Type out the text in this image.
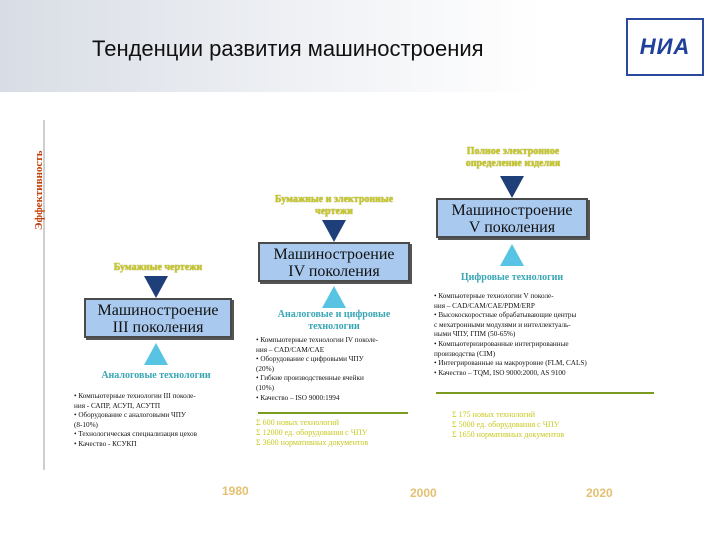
Тенденции развития машиностроения	НИА
Эффективность
Бумажные чертежи
Машиностроение
III поколения
Аналоговые технологии
• Компьютерные технологии III поколе-
ния - САПР, АСУП, АСУТП
• Оборудование с аналоговыми ЧПУ
(8-10%)
• Технологическая специализация цехов
• Качество - КСУКП
Бумажные и электронные
чертежи
Машиностроение
IV поколения
Аналоговые и цифровые
технологии
• Компьютерные технологии IV поколе-
ния – CAD/CAM/CAE
• Оборудование с цифровыми ЧПУ
(20%)
• Гибкие производственные ячейки
(10%)
• Качество – ISO 9000:1994
Σ 600 новых технологий
Σ 12000 ед. оборудования с ЧПУ
Σ 3600 нормативных документов
Полное электронное
определение изделия
Машиностроение
V поколения
Цифровые технологии
• Компьютерные технологии V поколе-
ния – CAD/CAM/CAE/PDM/ERP
• Высокоскоростные обрабатывающие центры
с мехатронными модулями и интеллектуаль-
ными ЧПУ, ГПМ (50-65%)
• Компьютеризированные интегрированные
производства (CIM)
• Интегрированные на макроуровне (FLM, CALS)
• Качество – TQM, ISO 9000:2000, AS 9100
Σ 175 новых технологий
Σ 5000 ед. оборудования с ЧПУ
Σ 1650 нормативных документов
1980	2000	2020
